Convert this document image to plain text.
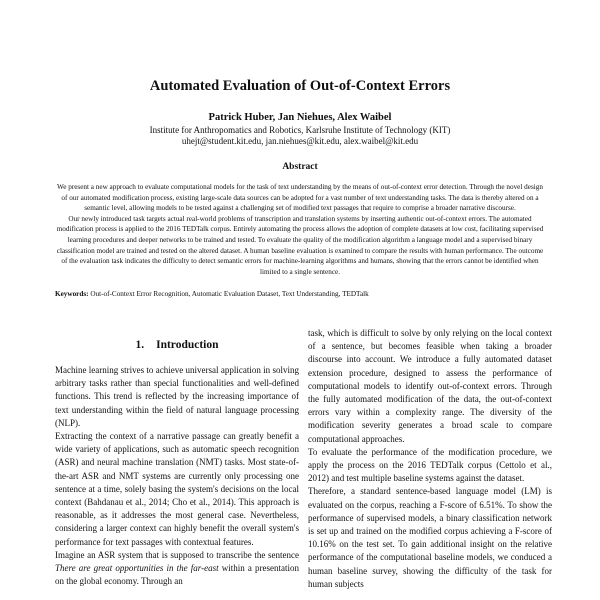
Automated Evaluation of Out-of-Context Errors
Patrick Huber, Jan Niehues, Alex Waibel
Institute for Anthropomatics and Robotics, Karlsruhe Institute of Technology (KIT)
uhejt@student.kit.edu, jan.niehues@kit.edu, alex.waibel@kit.edu
Abstract

We present a new approach to evaluate computational models for the task of text understanding by the means of out-of-context error detection. Through the novel design of our automated modification process, existing large-scale data sources can be adopted for a vast number of text understanding tasks. The data is thereby altered on a semantic level, allowing models to be tested against a challenging set of modified text passages that require to comprise a broader narrative discourse.

Our newly introduced task targets actual real-world problems of transcription and translation systems by inserting authentic out-of-context errors. The automated modification process is applied to the 2016 TEDTalk corpus. Entirely automating the process allows the adoption of complete datasets at low cost, facilitating supervised learning procedures and deeper networks to be trained and tested. To evaluate the quality of the modification algorithm a language model and a supervised binary classification model are trained and tested on the altered dataset. A human baseline evaluation is examined to compare the results with human performance. The outcome of the evaluation task indicates the difficulty to detect semantic errors for machine-learning algorithms and humans, showing that the errors cannot be identified when limited to a single sentence.

Keywords: Out-of-Context Error Recognition, Automatic Evaluation Dataset, Text Understanding, TEDTalk
1. Introduction

Machine learning strives to achieve universal application in solving arbitrary tasks rather than special functionalities and well-defined functions. This trend is reflected by the increasing importance of text understanding within the field of natural language processing (NLP).

Extracting the context of a narrative passage can greatly benefit a wide variety of applications, such as automatic speech recognition (ASR) and neural machine translation (NMT) tasks. Most state-of-the-art ASR and NMT systems are currently only processing one sentence at a time, solely basing the system's decisions on the local context (Bahdanau et al., 2014; Cho et al., 2014). This approach is reasonable, as it addresses the most general case. Nevertheless, considering a larger context can highly benefit the overall system's performance for text passages with contextual features.

Imagine an ASR system that is supposed to transcribe the sentence There are great opportunities in the far-east within a presentation on the global economy. Through an

task, which is difficult to solve by only relying on the local context of a sentence, but becomes feasible when taking a broader discourse into account. We introduce a fully automated dataset extension procedure, designed to assess the performance of computational models to identify out-of-context errors. Through the fully automated modification of the data, the out-of-context errors vary within a complexity range. The diversity of the modification severity generates a broad scale to compare computational approaches.

To evaluate the performance of the modification procedure, we apply the process on the 2016 TEDTalk corpus (Cettolo et al., 2012) and test multiple baseline systems against the dataset.

Therefore, a standard sentence-based language model (LM) is evaluated on the corpus, reaching a F-score of 6.51%. To show the performance of supervised models, a binary classification network is set up and trained on the modified corpus achieving a F-score of 10.16% on the test set. To gain additional insight on the relative performance of the computational baseline models, we conduced a human baseline survey, showing the difficulty of the task for human subjects
